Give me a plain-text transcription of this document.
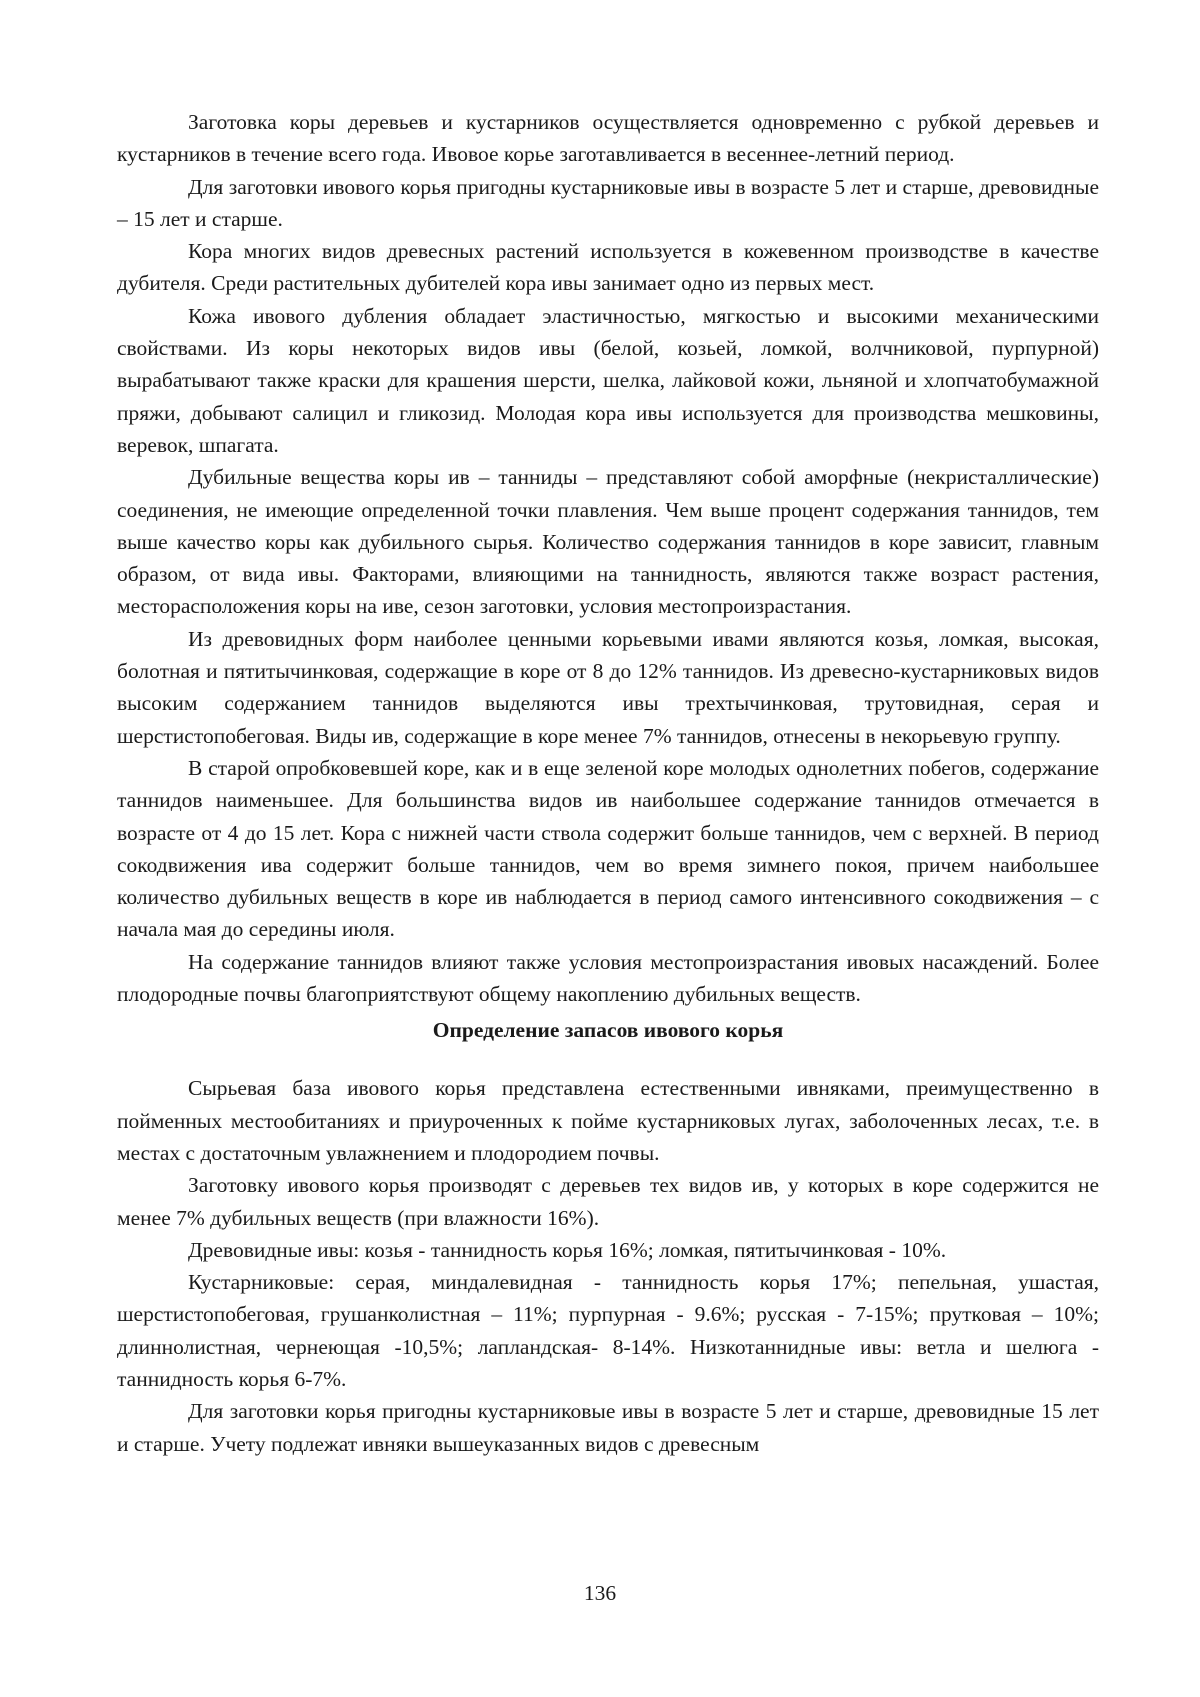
Заготовка коры деревьев и кустарников осуществляется одновременно с рубкой деревьев и кустарников в течение всего года. Ивовое корье заготавливается в весеннее-летний период.

Для заготовки ивового корья пригодны кустарниковые ивы в возрасте 5 лет и старше, древовидные – 15 лет и старше.

Кора многих видов древесных растений используется в кожевенном производстве в качестве дубителя. Среди растительных дубителей кора ивы занимает одно из первых мест.

Кожа ивового дубления обладает эластичностью, мягкостью и высокими механическими свойствами. Из коры некоторых видов ивы (белой, козьей, ломкой, волчниковой, пурпурной) вырабатывают также краски для крашения шерсти, шелка, лайковой кожи, льняной и хлопчатобумажной пряжи, добывают салицил и гликозид. Молодая кора ивы используется для производства мешковины, веревок, шпагата.

Дубильные вещества коры ив – танниды – представляют собой аморфные (некристаллические) соединения, не имеющие определенной точки плавления. Чем выше процент содержания таннидов, тем выше качество коры как дубильного сырья. Количество содержания таннидов в коре зависит, главным образом, от вида ивы. Факторами, влияющими на таннидность, являются также возраст растения, месторасположения коры на иве, сезон заготовки, условия местопроизрастания.

Из древовидных форм наиболее ценными корьевыми ивами являются козья, ломкая, высокая, болотная и пятитычинковая, содержащие в коре от 8 до 12% таннидов. Из древесно-кустарниковых видов высоким содержанием таннидов выделяются ивы трехтычинковая, трутовидная, серая и шерстистопобеговая. Виды ив, содержащие в коре менее 7% таннидов, отнесены в некорьевую группу.

В старой опробковевшей коре, как и в еще зеленой коре молодых однолетних побегов, содержание таннидов наименьшее. Для большинства видов ив наибольшее содержание таннидов отмечается в возрасте от 4 до 15 лет. Кора с нижней части ствола содержит больше таннидов, чем с верхней. В период сокодвижения ива содержит больше таннидов, чем во время зимнего покоя, причем наибольшее количество дубильных веществ в коре ив наблюдается в период самого интенсивного сокодвижения – с начала мая до середины июля.

На содержание таннидов влияют также условия местопроизрастания ивовых насаждений. Более плодородные почвы благоприятствуют общему накоплению дубильных веществ.

Определение запасов ивового корья

Сырьевая база ивового корья представлена естественными ивняками, преимущественно в пойменных местообитаниях и приуроченных к пойме кустарниковых лугах, заболоченных лесах, т.е. в местах с достаточным увлажнением и плодородием почвы.

Заготовку ивового корья производят с деревьев тех видов ив, у которых в коре содержится не менее 7% дубильных веществ (при влажности 16%).

Древовидные ивы: козья - таннидность корья 16%; ломкая, пятитычинковая - 10%.

Кустарниковые: серая, миндалевидная - таннидность корья 17%; пепельная, ушастая, шерстистопобеговая, грушанколистная – 11%; пурпурная - 9.6%; русская - 7-15%; прутковая – 10%; длиннолистная, чернеющая -10,5%; лапландская- 8-14%. Низкотаннидные ивы: ветла и шелюга - таннидность корья 6-7%.

Для заготовки корья пригодны кустарниковые ивы в возрасте 5 лет и старше, древовидные 15 лет и старше. Учету подлежат ивняки вышеуказанных видов с древесным

136
